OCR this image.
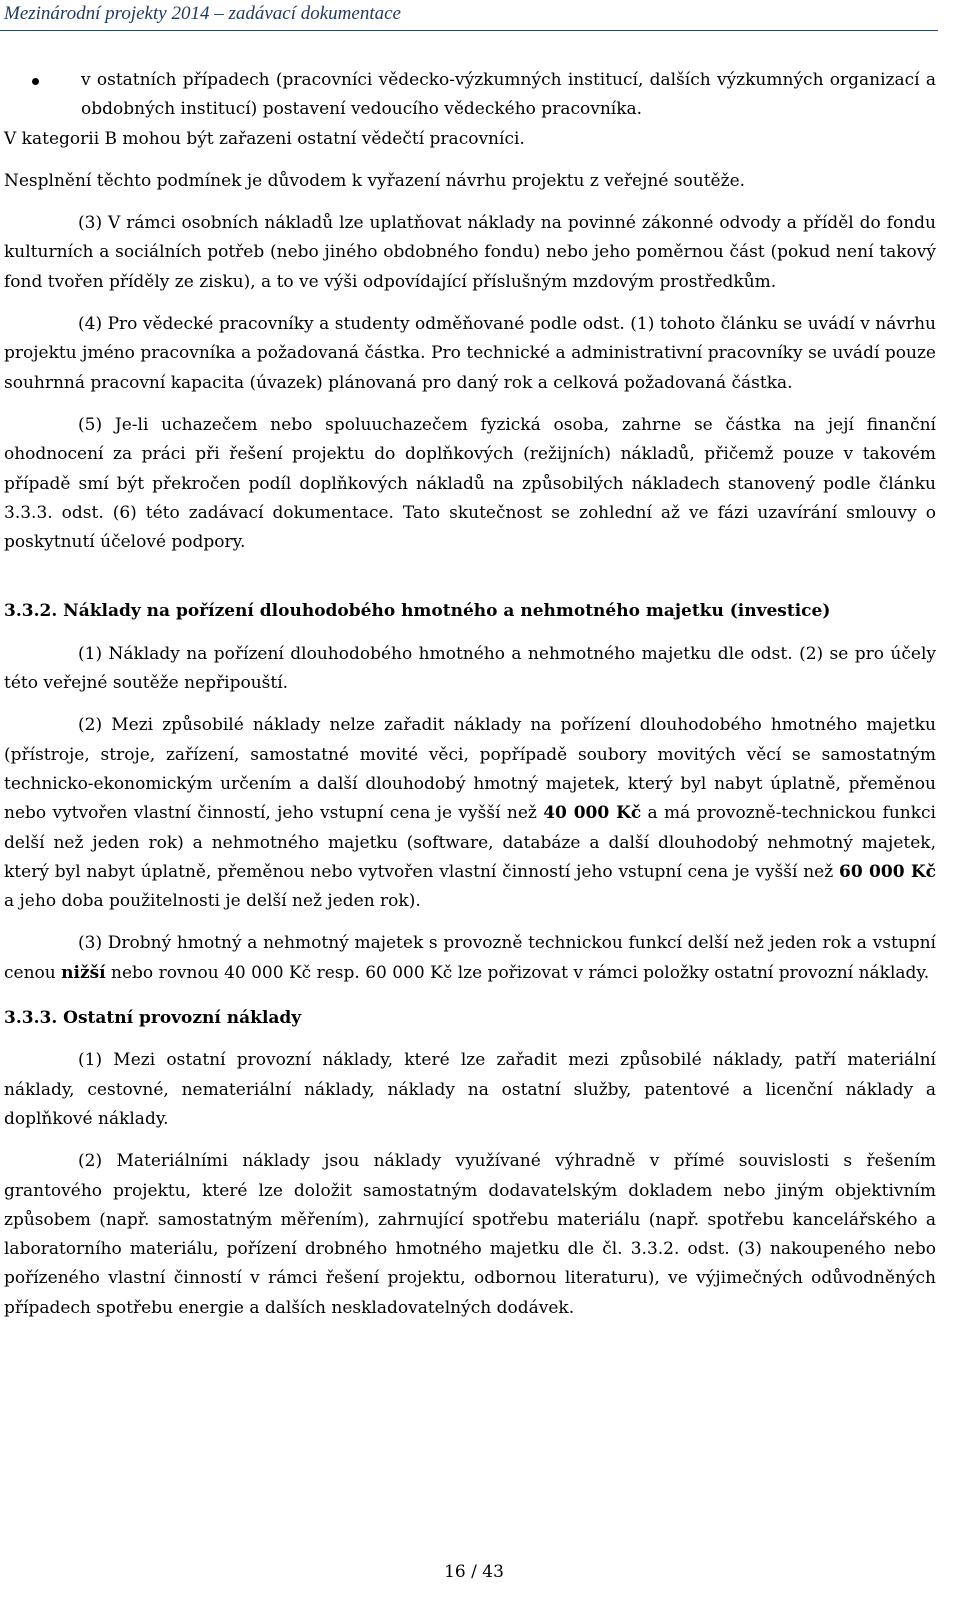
Mezinárodní projekty 2014 – zadávací dokumentace

v ostatních případech (pracovníci vědecko-výzkumných institucí, dalších výzkumných organizací a obdobných institucí) postavení vedoucího vědeckého pracovníka.

V kategorii B mohou být zařazeni ostatní vědečtí pracovníci.

Nesplnění těchto podmínek je důvodem k vyřazení návrhu projektu z veřejné soutěže.

(3) V rámci osobních nákladů lze uplatňovat náklady na povinné zákonné odvody a příděl do fondu kulturních a sociálních potřeb (nebo jiného obdobného fondu) nebo jeho poměrnou část (pokud není takový fond tvořen příděly ze zisku), a to ve výši odpovídající příslušným mzdovým prostředkům.

(4) Pro vědecké pracovníky a studenty odměňované podle odst. (1) tohoto článku se uvádí v návrhu projektu jméno pracovníka a požadovaná částka. Pro technické a administrativní pracovníky se uvádí pouze souhrnná pracovní kapacita (úvazek) plánovaná pro daný rok a celková požadovaná částka.

(5) Je-li uchazečem nebo spoluuchazečem fyzická osoba, zahrne se částka na její finanční ohodnocení za práci při řešení projektu do doplňkových (režijních) nákladů, přičemž pouze v takovém případě smí být překročen podíl doplňkových nákladů na způsobilých nákladech stanovený podle článku 3.3.3. odst. (6) této zadávací dokumentace. Tato skutečnost se zohlední až ve fázi uzavírání smlouvy o poskytnutí účelové podpory.

3.3.2. Náklady na pořízení dlouhodobého hmotného a nehmotného majetku (investice)

(1) Náklady na pořízení dlouhodobého hmotného a nehmotného majetku dle odst. (2) se pro účely této veřejné soutěže nepřipouští.

(2) Mezi způsobilé náklady nelze zařadit náklady na pořízení dlouhodobého hmotného majetku (přístroje, stroje, zařízení, samostatné movité věci, popřípadě soubory movitých věcí se samostatným technicko-ekonomickým určením a další dlouhodobý hmotný majetek, který byl nabyt úplatně, přeměnou nebo vytvořen vlastní činností, jeho vstupní cena je vyšší než 40 000 Kč a má provozně-technickou funkci delší než jeden rok) a nehmotného majetku (software, databáze a další dlouhodobý nehmotný majetek, který byl nabyt úplatně, přeměnou nebo vytvořen vlastní činností jeho vstupní cena je vyšší než 60 000 Kč a jeho doba použitelnosti je delší než jeden rok).

(3) Drobný hmotný a nehmotný majetek s provozně technickou funkcí delší než jeden rok a vstupní cenou nižší nebo rovnou 40 000 Kč resp. 60 000 Kč lze pořizovat v rámci položky ostatní provozní náklady.

3.3.3. Ostatní provozní náklady

(1) Mezi ostatní provozní náklady, které lze zařadit mezi způsobilé náklady, patří materiální náklady, cestovné, nemateriální náklady, náklady na ostatní služby, patentové a licenční náklady a doplňkové náklady.

(2) Materiálními náklady jsou náklady využívané výhradně v přímé souvislosti s řešením grantového projektu, které lze doložit samostatným dodavatelským dokladem nebo jiným objektivním způsobem (např. samostatným měřením), zahrnující spotřebu materiálu (např. spotřebu kancelářského a laboratorního materiálu, pořízení drobného hmotného majetku dle čl. 3.3.2. odst. (3) nakoupeného nebo pořízeného vlastní činností v rámci řešení projektu, odbornou literaturu), ve výjimečných odůvodněných případech spotřebu energie a dalších neskladovatelných dodávek.

16 / 43
